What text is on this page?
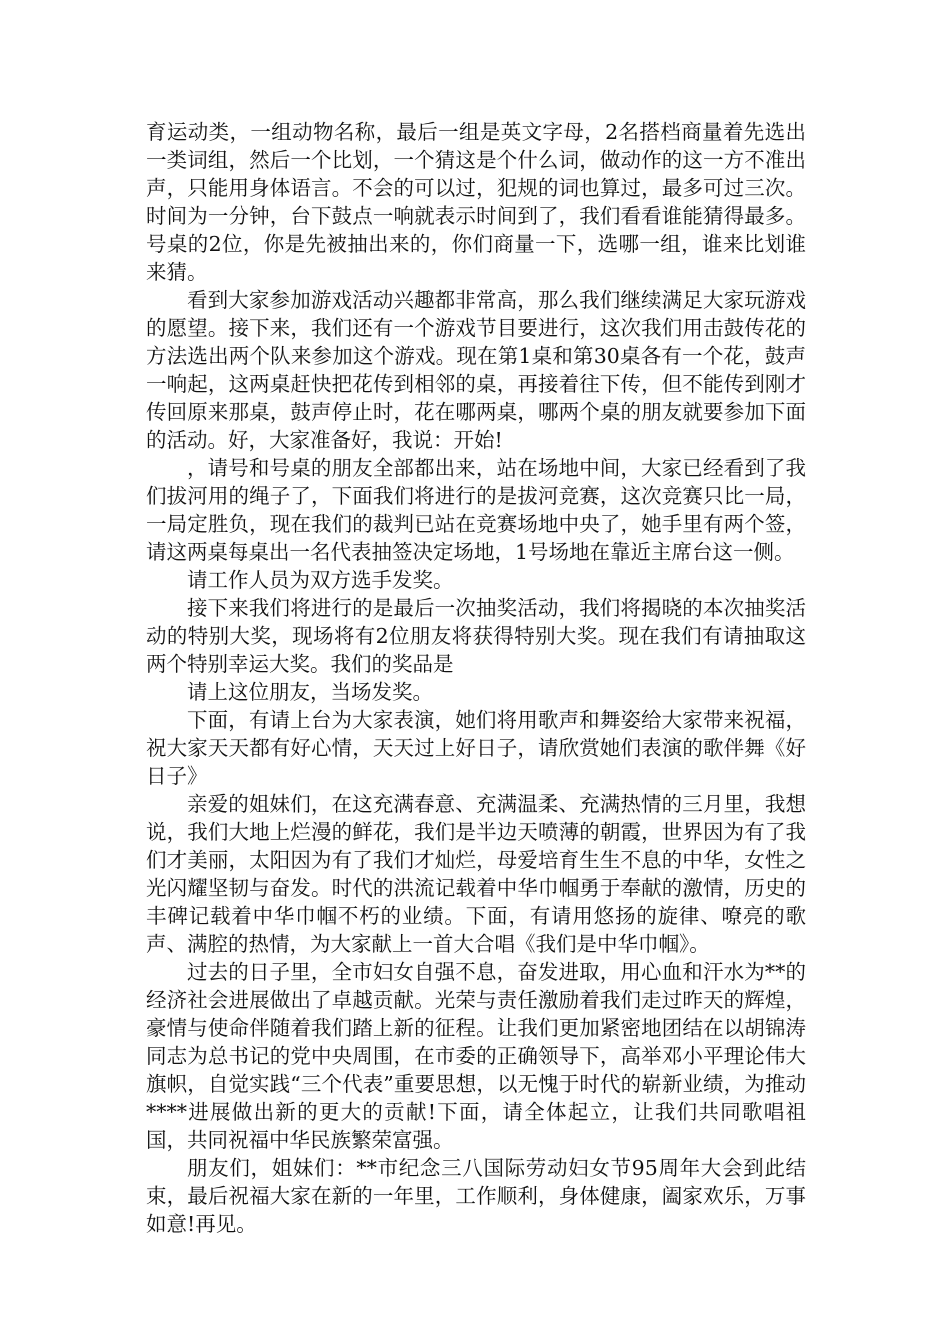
育运动类，一组动物名称，最后一组是英文字母，2名搭档商量着先选出一类词组，然后一个比划，一个猜这是个什么词，做动作的这一方不准出声，只能用身体语言。不会的可以过，犯规的词也算过，最多可过三次。时间为一分钟，台下鼓点一响就表示时间到了，我们看看谁能猜得最多。号桌的2位，你是先被抽出来的，你们商量一下，选哪一组，谁来比划谁来猜。

看到大家参加游戏活动兴趣都非常高，那么我们继续满足大家玩游戏的愿望。接下来，我们还有一个游戏节目要进行，这次我们用击鼓传花的方法选出两个队来参加这个游戏。现在第1桌和第30桌各有一个花，鼓声一响起，这两桌赶快把花传到相邻的桌，再接着往下传，但不能传到刚才传回原来那桌，鼓声停止时，花在哪两桌，哪两个桌的朋友就要参加下面的活动。好，大家准备好，我说：开始!

，请号和号桌的朋友全部都出来，站在场地中间，大家已经看到了我们拔河用的绳子了，下面我们将进行的是拔河竞赛，这次竞赛只比一局，一局定胜负，现在我们的裁判已站在竞赛场地中央了，她手里有两个签，请这两桌每桌出一名代表抽签决定场地，1号场地在靠近主席台这一侧。

请工作人员为双方选手发奖。

接下来我们将进行的是最后一次抽奖活动，我们将揭晓的本次抽奖活动的特别大奖，现场将有2位朋友将获得特别大奖。现在我们有请抽取这两个特别幸运大奖。我们的奖品是

请上这位朋友，当场发奖。

下面，有请上台为大家表演，她们将用歌声和舞姿给大家带来祝福，祝大家天天都有好心情，天天过上好日子，请欣赏她们表演的歌伴舞《好日子》

亲爱的姐妹们，在这充满春意、充满温柔、充满热情的三月里，我想说，我们大地上烂漫的鲜花，我们是半边天喷薄的朝霞，世界因为有了我们才美丽，太阳因为有了我们才灿烂，母爱培育生生不息的中华，女性之光闪耀坚韧与奋发。时代的洪流记载着中华巾帼勇于奉献的激情，历史的丰碑记载着中华巾帼不朽的业绩。下面，有请用悠扬的旋律、嘹亮的歌声、满腔的热情，为大家献上一首大合唱《我们是中华巾帼》。

过去的日子里，全市妇女自强不息，奋发进取，用心血和汗水为**的经济社会进展做出了卓越贡献。光荣与责任激励着我们走过昨天的辉煌，豪情与使命伴随着我们踏上新的征程。让我们更加紧密地团结在以胡锦涛同志为总书记的党中央周围，在市委的正确领导下，高举邓小平理论伟大旗帜，自觉实践“三个代表”重要思想，以无愧于时代的崭新业绩，为推动****进展做出新的更大的贡献!下面，请全体起立，让我们共同歌唱祖国，共同祝福中华民族繁荣富强。

朋友们，姐妹们：**市纪念三八国际劳动妇女节95周年大会到此结束，最后祝福大家在新的一年里，工作顺利，身体健康，阖家欢乐，万事如意!再见。
